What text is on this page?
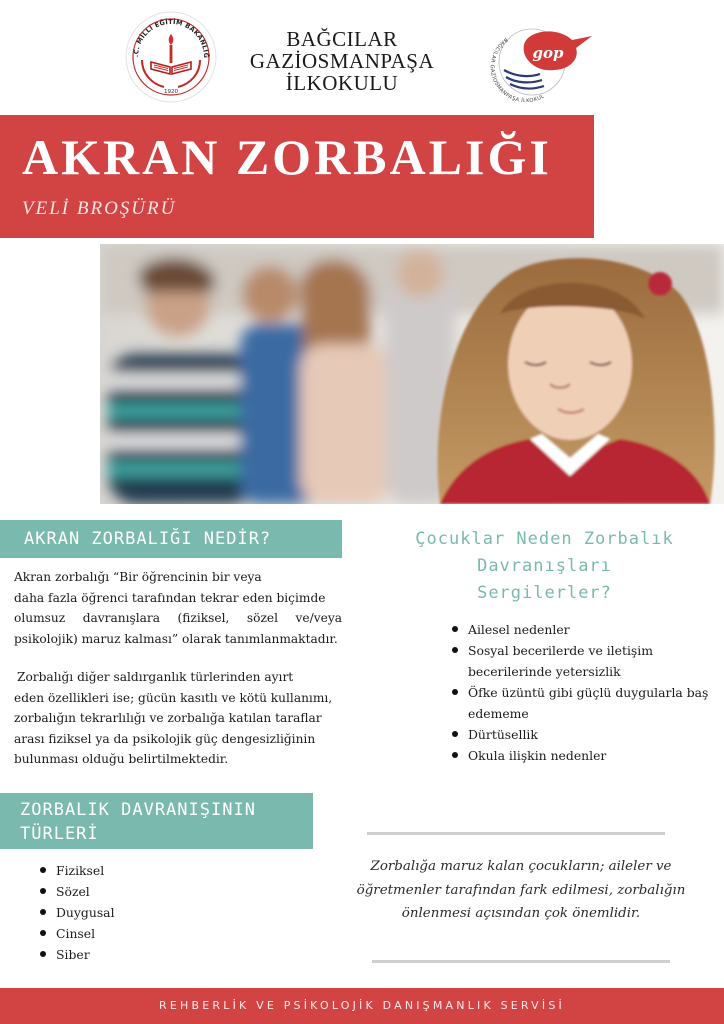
.C. MİLLİ EĞİTİM BAKANLIĞ
1920
BAĞCILAR
GAZİOSMANPAŞA
İLKOKULU
BAĞCILAR GAZİOSMANPAŞA İLKOKUL
gop
AKRAN ZORBALIĞI
VELİ BROŞÜRÜ
AKRAN ZORBALIĞI NEDİR?
Akran zorbalığı “Bir öğrencinin bir veya
daha fazla öğrenci tarafından tekrar eden biçimde
olumsuz davranışlara (fiziksel, sözel ve/veya
psikolojik) maruz kalması” olarak tanımlanmaktadır.
Zorbalığı diğer saldırganlık türlerinden ayırt
eden özellikleri ise; gücün kasıtlı ve kötü kullanımı,
zorbalığın tekrarlılığı ve zorbalığa katılan taraflar
arası fiziksel ya da psikolojik güç dengesizliğinin
bulunması olduğu belirtilmektedir.
Çocuklar Neden Zorbalık
Davranışları
Sergilerler?
Ailesel nedenler
Sosyal becerilerde ve iletişim becerilerinde yetersizlik
Öfke üzüntü gibi güçlü duygularla baş edememe
Dürtüsellik
Okula ilişkin nedenler
ZORBALIK DAVRANIŞININ
TÜRLERİ
Fiziksel
Sözel
Duygusal
Cinsel
Siber
Zorbalığa maruz kalan çocukların; aileler ve öğretmenler tarafından fark edilmesi, zorbalığın önlenmesi açısından çok önemlidir.
REHBERLİK VE PSİKOLOJİK DANIŞMANLIK SERVİSİ
